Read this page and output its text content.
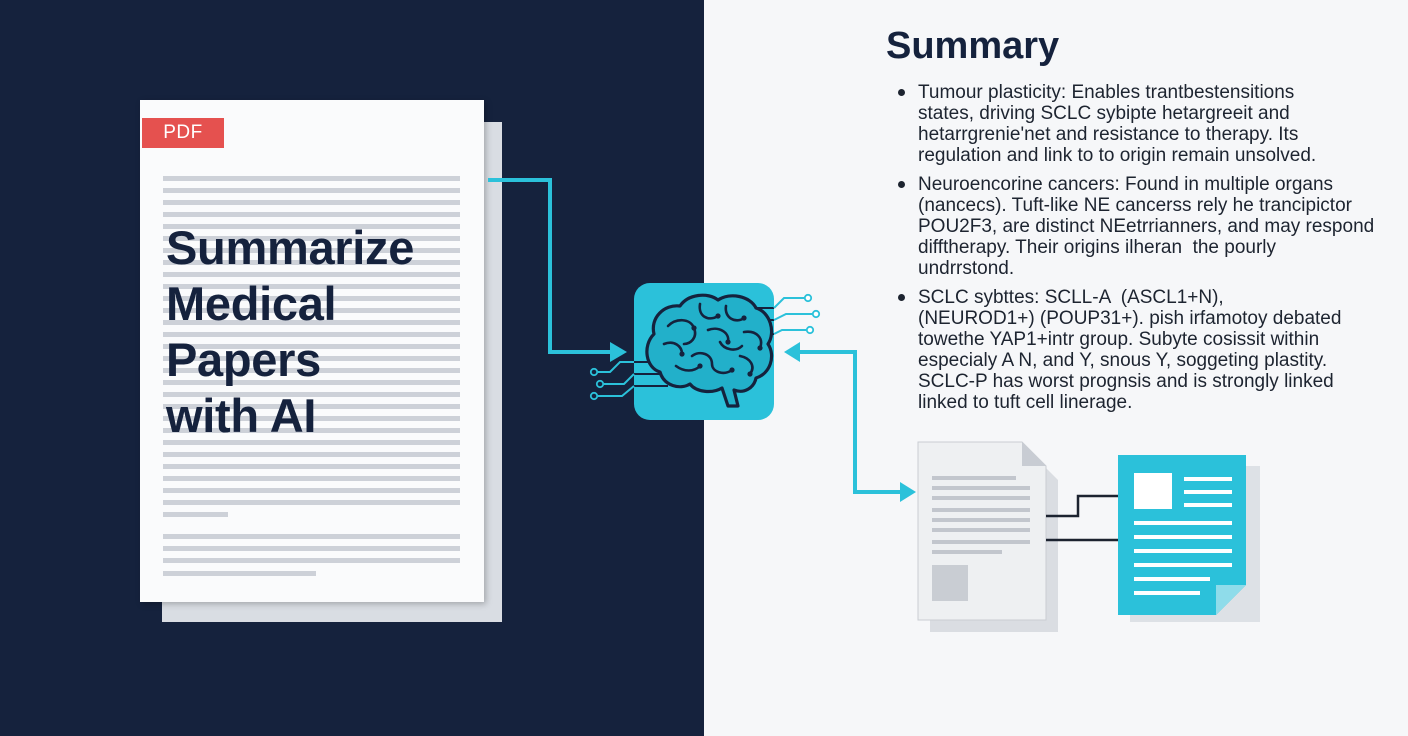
PDF
Summarize
Medical
Papers
with AI
Summary
Tumour plasticity: Enables trantbestensitions
states, driving SCLC sybipte hetargreeit and
hetarrgrenie'net and resistance to therapy. Its
regulation and link to to origin remain unsolved.
Neuroencorine cancers: Found in multiple organs
(nancecs). Tuft-like NE cancerss rely he trancipictor
POU2F3, are distinct NEetrrianners, and may respond
difftherapy. Their origins ilheran  the pourly
undrrstond.
SCLC sybttes: SCLL-A  (ASCL1+N),
(NEUROD1+) (POUP31+). pish irfamotoy debated
towethe YAP1+intr group. Subyte cosissit within
especialy A N, and Y, snous Y, soggeting plastity.
SCLC-P has worst prognsis and is strongly linked
linked to tuft cell linerage.
